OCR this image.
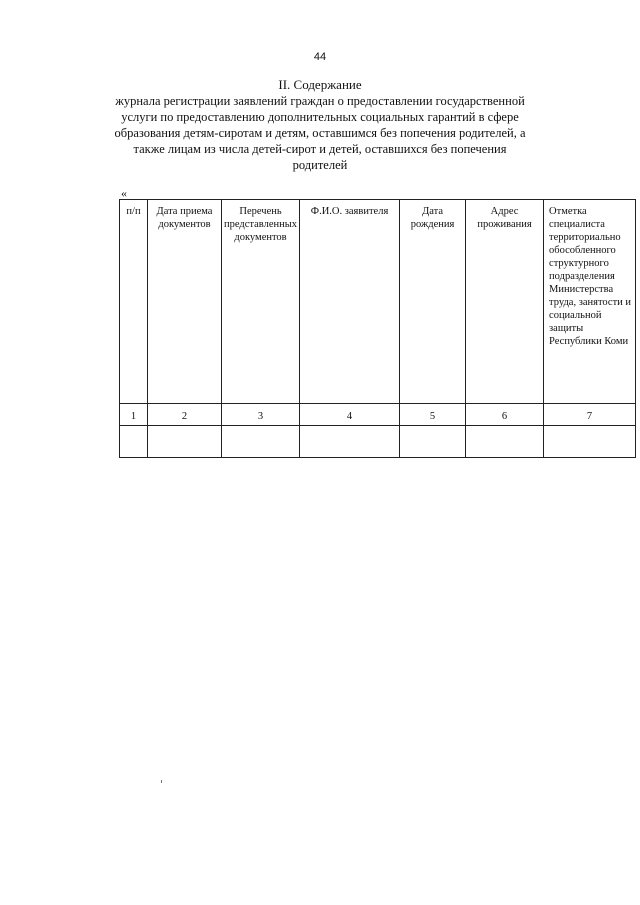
44
II. Содержание
журнала регистрации заявлений граждан о предоставлении государственной
услуги по предоставлению дополнительных социальных гарантий в сфере
образования детям-сиротам и детям, оставшимся без попечения родителей, а
также лицам из числа детей-сирот и детей, оставшихся без попечения
родителей
«
п/п	Дата приема документов	Перечень представленных документов	Ф.И.О. заявителя	Дата рождения	Адрес проживания	Отметка специалиста территориально обособленного структурного подразделения Министерства труда, занятости и социальной защиты Республики Коми
1	2	3	4	5	6	7
